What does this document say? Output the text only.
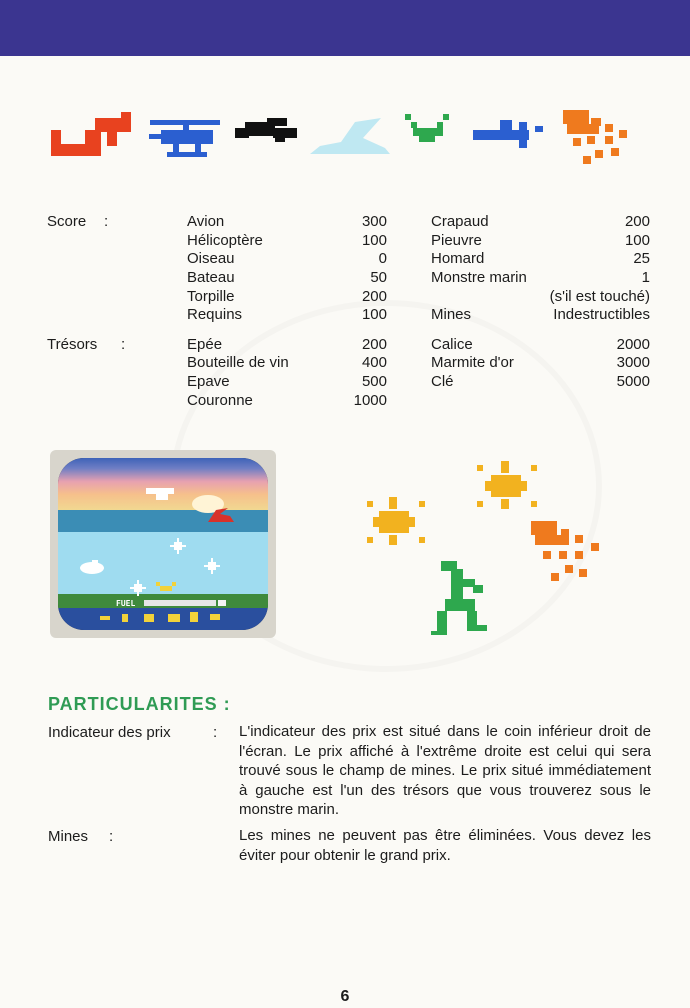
Score :	Avion	300
Hélicoptère	100
Oiseau	0
Bateau	50
Torpille	200
Requins	100
Crapaud	200
Pieuvre	100
Homard	25
Monstre marin	1
(s'il est touché)
Mines	Indestructibles
Trésors :	Epée	200
Bouteille de vin	400
Epave	500
Couronne	1000
Calice	2000
Marmite d'or	3000
Clé	5000
FUEL
PARTICULARITES :
Indicateur des prix	: L'indicateur des prix est situé dans le coin inférieur droit de l'écran. Le prix affiché à l'extrême droite est celui qui sera trouvé sous le champ de mines. Le prix situé immédiatement à gauche est l'un des trésors que vous trouverez sous le monstre marin.
Mines :	Les mines ne peuvent pas être éliminées. Vous devez les éviter pour obtenir le grand prix.
6
